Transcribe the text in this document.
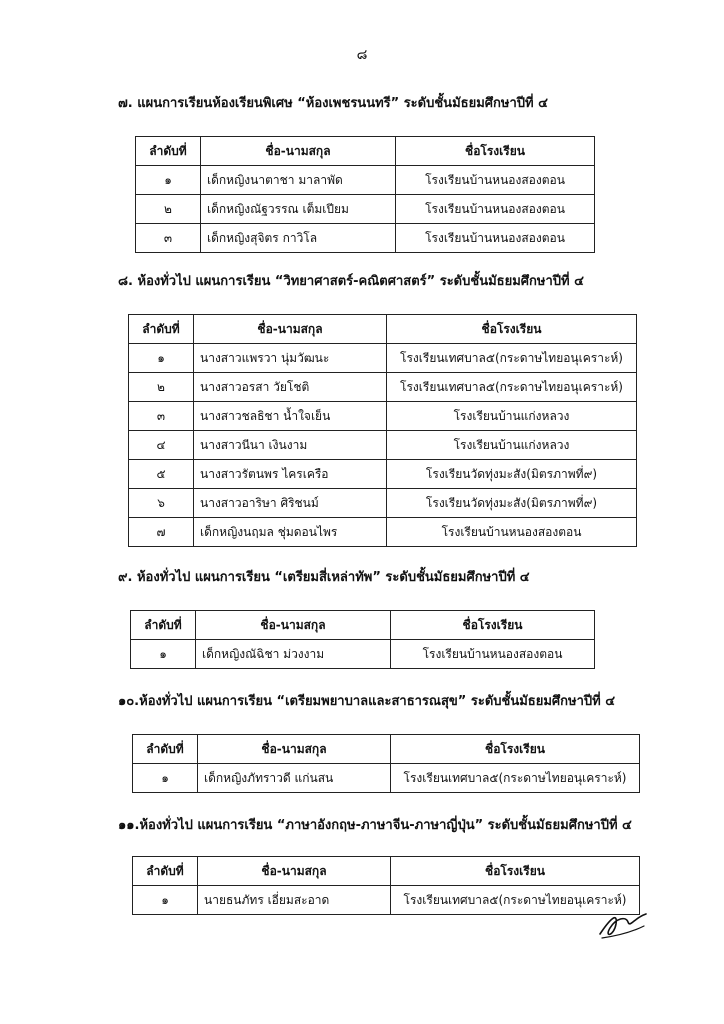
๘
๗. แผนการเรียนห้องเรียนพิเศษ “ห้องเพชรนนทรี” ระดับชั้นมัธยมศึกษาปีที่ ๔
ลำดับที่	ชื่อ-นามสกุล	ชื่อโรงเรียน
๑	เด็กหญิงนาตาชา มาลาพัด	โรงเรียนบ้านหนองสองตอน
๒	เด็กหญิงณัฐวรรณ เต็มเปียม	โรงเรียนบ้านหนองสองตอน
๓	เด็กหญิงสุจิตร กาวิโล	โรงเรียนบ้านหนองสองตอน
๘. ห้องทั่วไป แผนการเรียน “วิทยาศาสตร์-คณิตศาสตร์” ระดับชั้นมัธยมศึกษาปีที่ ๔
ลำดับที่	ชื่อ-นามสกุล	ชื่อโรงเรียน
๑	นางสาวแพรวา นุ่มวัฒนะ	โรงเรียนเทศบาล๕(กระดาษไทยอนุเคราะห์)
๒	นางสาวอรสา วัยโชติ	โรงเรียนเทศบาล๕(กระดาษไทยอนุเคราะห์)
๓	นางสาวชลธิชา น้ำใจเย็น	โรงเรียนบ้านแก่งหลวง
๔	นางสาวนีนา เงินงาม	โรงเรียนบ้านแก่งหลวง
๕	นางสาวรัตนพร ไครเครือ	โรงเรียนวัดทุ่งมะสัง(มิตรภาพที่๙)
๖	นางสาวอาริษา ศิริชนม์	โรงเรียนวัดทุ่งมะสัง(มิตรภาพที่๙)
๗	เด็กหญิงนฤมล ชุ่มดอนไพร	โรงเรียนบ้านหนองสองตอน
๙. ห้องทั่วไป แผนการเรียน “เตรียมสี่เหล่าทัพ” ระดับชั้นมัธยมศึกษาปีที่ ๔
ลำดับที่	ชื่อ-นามสกุล	ชื่อโรงเรียน
๑	เด็กหญิงณัฉิชา ม่วงงาม	โรงเรียนบ้านหนองสองตอน
๑๐.ห้องทั่วไป แผนการเรียน “เตรียมพยาบาลและสาธารณสุข” ระดับชั้นมัธยมศึกษาปีที่ ๔
ลำดับที่	ชื่อ-นามสกุล	ชื่อโรงเรียน
๑	เด็กหญิงภัทราวดี แก่นสน	โรงเรียนเทศบาล๕(กระดาษไทยอนุเคราะห์)
๑๑.ห้องทั่วไป แผนการเรียน “ภาษาอังกฤษ-ภาษาจีน-ภาษาญี่ปุ่น” ระดับชั้นมัธยมศึกษาปีที่ ๔
ลำดับที่	ชื่อ-นามสกุล	ชื่อโรงเรียน
๑	นายธนภัทร เอี่ยมสะอาด	โรงเรียนเทศบาล๕(กระดาษไทยอนุเคราะห์)
